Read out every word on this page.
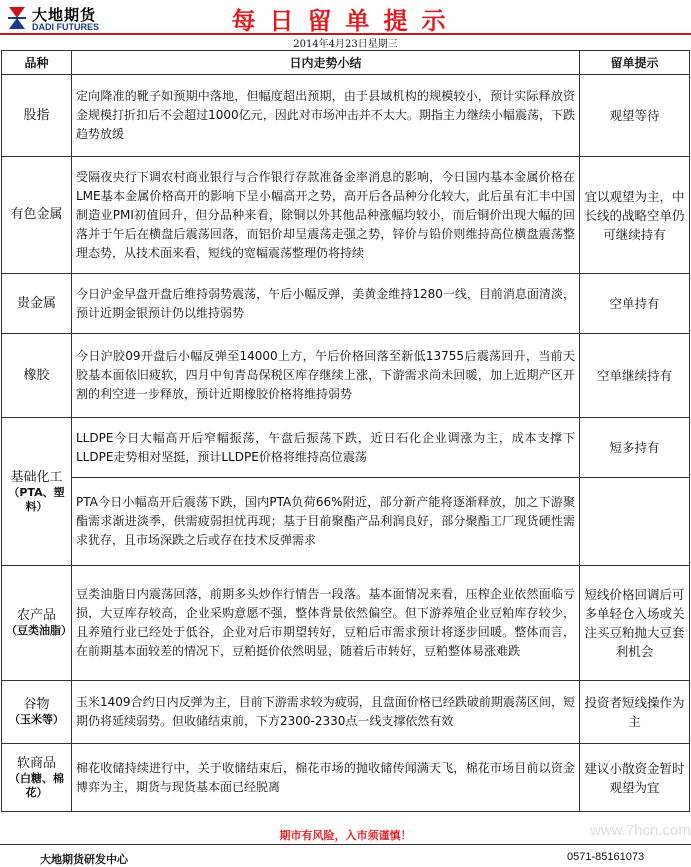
大地期货
DADI FUTURES	每日留单提示
2014年4月23日星期三
品种	日内走势小结	留单提示
股指	定向降准的靴子如预期中落地，但幅度超出预期，由于县域机构的规模较小，预计实际释放资金规模打折扣后不会超过1000亿元，因此对市场冲击并不太大。期指主力继续小幅震荡，下跌趋势放缓	观望等待
有色金属	受隔夜央行下调农村商业银行与合作银行存款准备金率消息的影响，今日国内基本金属价格在LME基本金属价格高开的影响下呈小幅高开之势，高开后各品种分化较大，此后虽有汇丰中国制造业PMI初值回升，但分品种来看，除铜以外其他品种涨幅均较小，而后铜价出现大幅的回落并于午后在横盘后震荡回落，而铝价却呈震荡走强之势，锌价与铅价则维持高位横盘震荡整理态势，从技术面来看，短线的宽幅震荡整理仍将持续	宜以观望为主，中长线的战略空单仍可继续持有
贵金属	今日沪金早盘开盘后维持弱势震荡，午后小幅反弹，美黄金维持1280一线，目前消息面清淡，预计近期金银预计仍以维持弱势	空单持有
橡胶	今日沪胶09开盘后小幅反弹至14000上方，午后价格回落至新低13755后震荡回升，当前天胶基本面依旧疲软，四月中旬青岛保税区库存继续上涨，下游需求尚未回暖，加上近期产区开割的利空进一步释放，预计近期橡胶价格将维持弱势	空单继续持有
基础化工
（PTA、塑料）	LLDPE今日大幅高开后窄幅振荡，午盘后振荡下跌，近日石化企业调涨为主，成本支撑下LLDPE走势相对坚挺，预计LLDPE价格将维持高位震荡	短多持有
	PTA今日小幅高开后震荡下跌，国内PTA负荷66%附近，部分新产能将逐渐释放，加之下游聚酯需求渐进淡季，供需疲弱担忧再现；基于目前聚酯产品利润良好，部分聚酯工厂现货硬性需求犹存，且市场深跌之后或存在技术反弹需求	
农产品
（豆类油脂）	豆类油脂日内震荡回落，前期多头炒作行情告一段落。基本面情况来看，压榨企业依然面临亏损，大豆库存较高，企业采购意愿不强，整体背景依然偏空。但下游养殖企业豆粕库存较少，且养殖行业已经处于低谷，企业对后市期望转好，豆粕后市需求预计将逐步回暖。整体而言，在前期基本面较差的情况下，豆粕挺价依然明显，随着后市转好，豆粕整体易涨难跌	短线价格回调后可多单轻仓入场或关注买豆粕抛大豆套利机会
谷物
（玉米等）	玉米1409合约日内反弹为主，目前下游需求较为疲弱，且盘面价格已经跌破前期震荡区间，短期仍将延续弱势。但收储结束前，下方2300-2330点一线支撑依然有效	投资者短线操作为主
软商品
（白糖、棉花）	棉花收储持续进行中，关于收储结束后，棉花市场的抛收储传闻满天飞，棉花市场目前以资金博弈为主，期货与现货基本面已经脱离	建议小散资金暂时观望为宜
www.7hcn.com
期市有风险，入市须谨慎！
大地期货研发中心	0571-85161073
